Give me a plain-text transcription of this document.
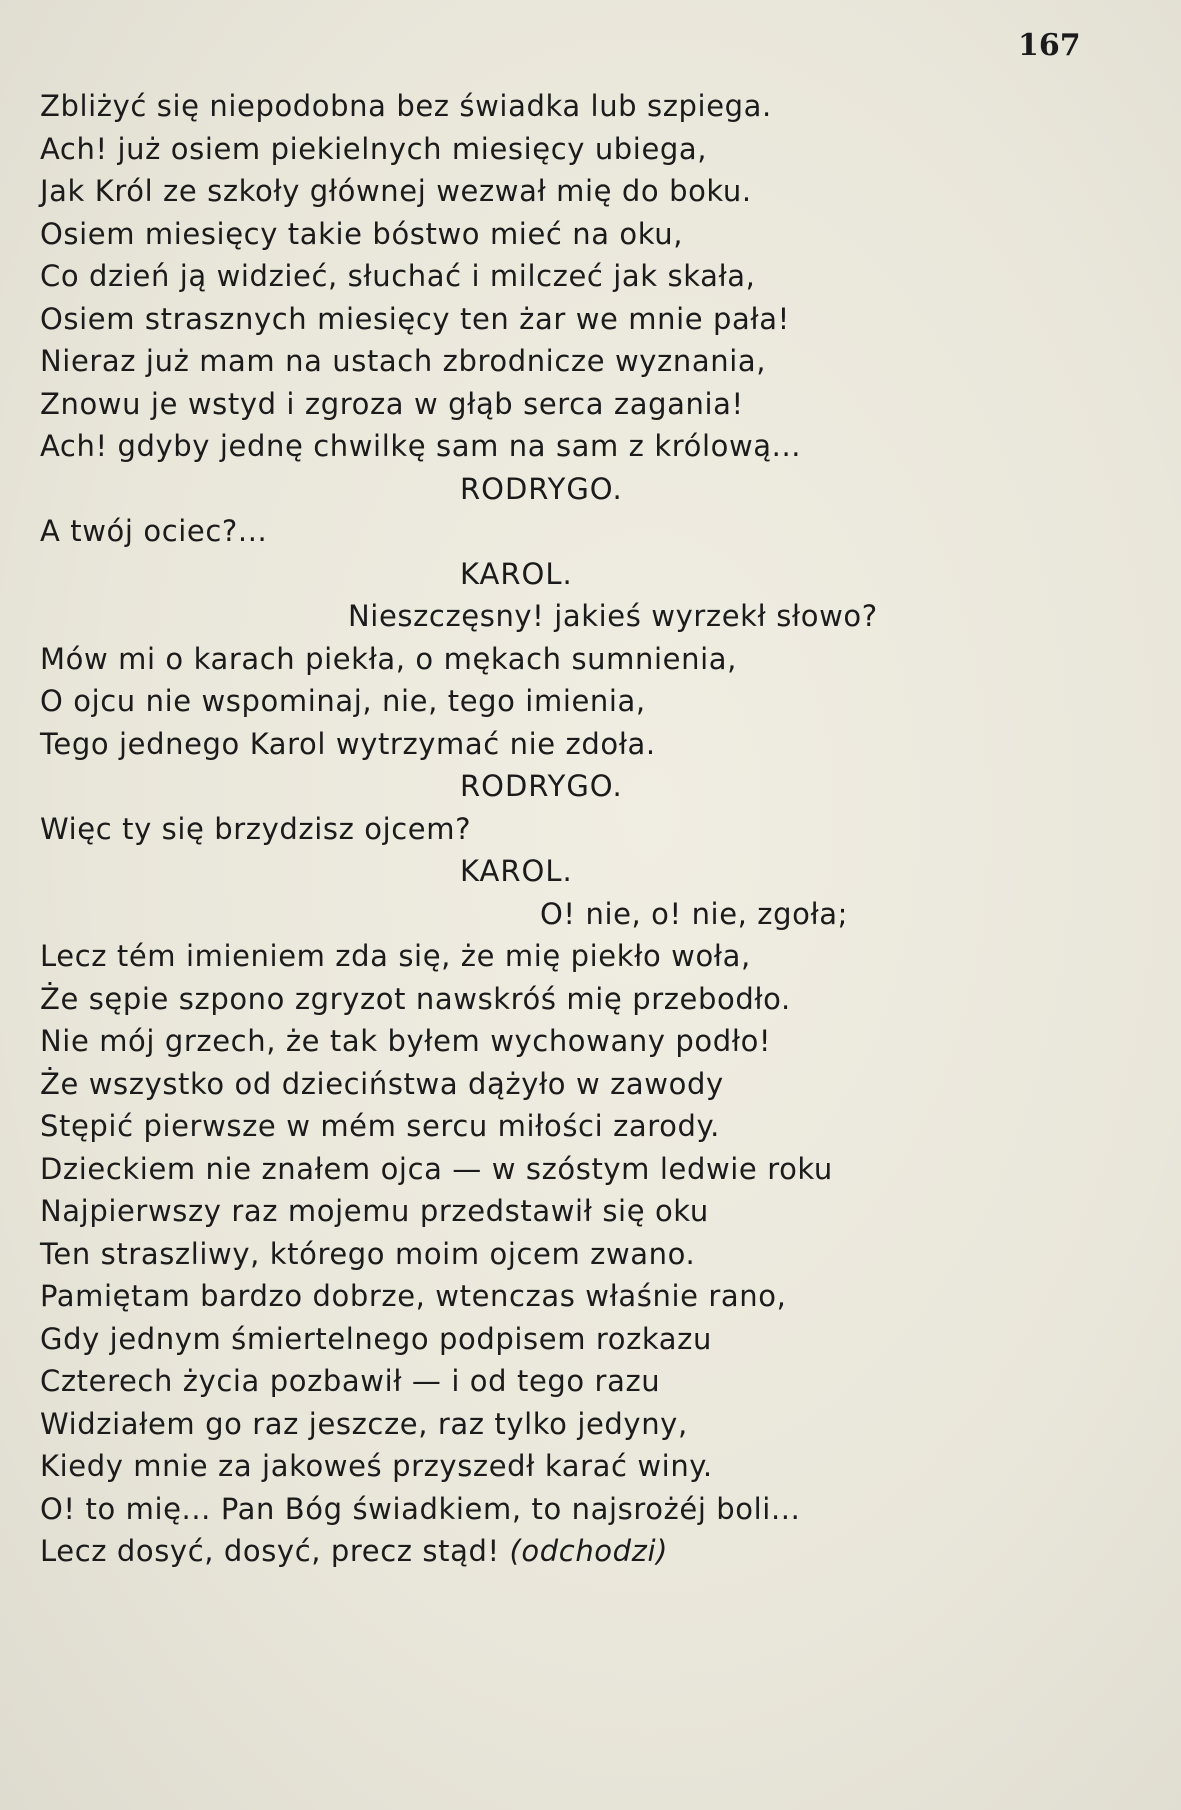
167
Zbliżyć się niepodobna bez świadka lub szpiega.
Ach! już osiem piekielnych miesięcy ubiega,
Jak Król ze szkoły głównej wezwał mię do boku.
Osiem miesięcy takie bóstwo mieć na oku,
Co dzień ją widzieć, słuchać i milczeć jak skała,
Osiem strasznych miesięcy ten żar we mnie pała!
Nieraz już mam na ustach zbrodnicze wyznania,
Znowu je wstyd i zgroza w głąb serca zagania!
Ach! gdyby jednę chwilkę sam na sam z królową...
RODRYGO.
A twój ociec?...
KAROL.
Nieszczęsny! jakieś wyrzekł słowo?
Mów mi o karach piekła, o mękach sumnienia,
O ojcu nie wspominaj, nie, tego imienia,
Tego jednego Karol wytrzymać nie zdoła.
RODRYGO.
Więc ty się brzydzisz ojcem?
KAROL.
O! nie, o! nie, zgoła;
Lecz tém imieniem zda się, że mię piekło woła,
Że sępie szpono zgryzot nawskróś mię przebodło.
Nie mój grzech, że tak byłem wychowany podło!
Że wszystko od dzieciństwa dążyło w zawody
Stępić pierwsze w mém sercu miłości zarody.
Dzieckiem nie znałem ojca — w szóstym ledwie roku
Najpierwszy raz mojemu przedstawił się oku
Ten straszliwy, którego moim ojcem zwano.
Pamiętam bardzo dobrze, wtenczas właśnie rano,
Gdy jednym śmiertelnego podpisem rozkazu
Czterech życia pozbawił — i od tego razu
Widziałem go raz jeszcze, raz tylko jedyny,
Kiedy mnie za jakoweś przyszedł karać winy.
O! to mię... Pan Bóg świadkiem, to najsrożéj boli...
Lecz dosyć, dosyć, precz stąd! (odchodzi)
